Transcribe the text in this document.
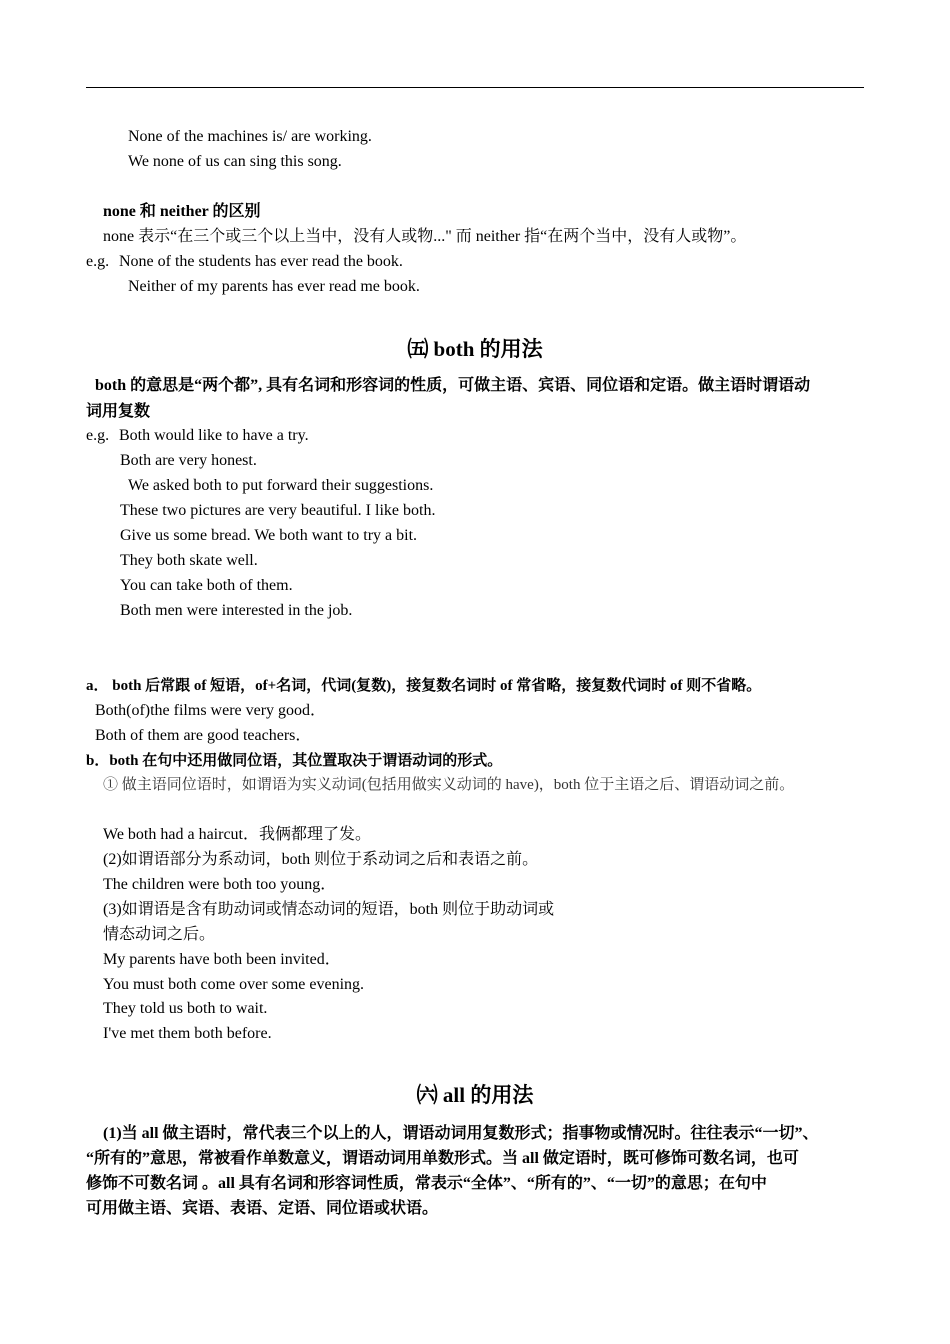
None of the machines is/ are working.
We none of us can sing this song.
none 和 neither 的区别
none 表示“在三个或三个以上当中，没有人或物..." 而 neither 指“在两个当中，没有人或物”。
e.g. None of the students has ever read the book.
Neither of my parents has ever read me book.
㈤ both 的用法
both 的意思是“两个都”, 具有名词和形容词的性质，可做主语、宾语、同位语和定语。做主语时谓语动
词用复数
e.g. Both would like to have a try.
Both are very honest.
We asked both to put forward their suggestions.
These two pictures are very beautiful. I like both.
Give us some bread. We both want to try a bit.
They both skate well.
You can take both of them.
Both men were interested in the job.
a． both 后常跟 of 短语，of+名词，代词(复数)，接复数名词时 of 常省略，接复数代词时 of 则不省略。
Both(of)the films were very good．
Both of them are good teachers．
b．both 在句中还用做同位语，其位置取决于谓语动词的形式。
① 做主语同位语时，如谓语为实义动词(包括用做实义动词的 have)，both 位于主语之后、谓语动词之前。
We both had a haircut．我俩都理了发。
(2)如谓语部分为系动词，both 则位于系动词之后和表语之前。
The children were both too young．
(3)如谓语是含有助动词或情态动词的短语，both 则位于助动词或
情态动词之后。
My parents have both been invited．
You must both come over some evening.
They told us both to wait.
I've met them both before.
㈥ all 的用法
(1)当 all 做主语时，常代表三个以上的人，谓语动词用复数形式；指事物或情况时。往往表示“一切”、
“所有的”意思，常被看作单数意义，谓语动词用单数形式。当 all 做定语时，既可修饰可数名词，也可
修饰不可数名词 。all 具有名词和形容词性质，常表示“全体”、“所有的”、“一切”的意思；在句中
可用做主语、宾语、表语、定语、同位语或状语。
